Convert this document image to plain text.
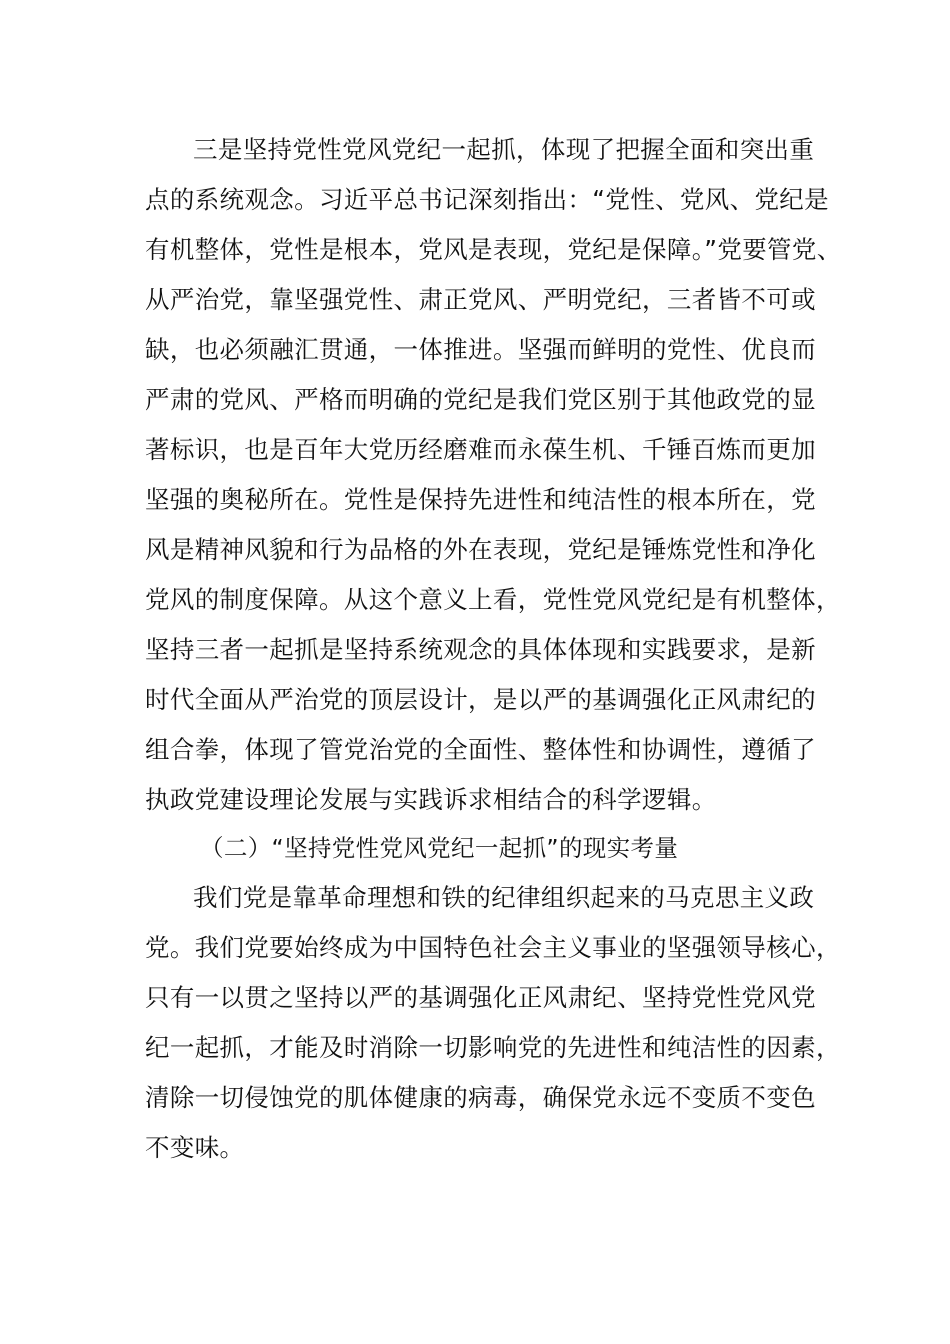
三是坚持党性党风党纪一起抓，体现了把握全面和突出重
点的系统观念。习近平总书记深刻指出：“党性、党风、党纪是
有机整体，党性是根本，党风是表现，党纪是保障。”党要管党、
从严治党，靠坚强党性、肃正党风、严明党纪，三者皆不可或
缺，也必须融汇贯通，一体推进。坚强而鲜明的党性、优良而
严肃的党风、严格而明确的党纪是我们党区别于其他政党的显
著标识，也是百年大党历经磨难而永葆生机、千锤百炼而更加
坚强的奥秘所在。党性是保持先进性和纯洁性的根本所在，党
风是精神风貌和行为品格的外在表现，党纪是锤炼党性和净化
党风的制度保障。从这个意义上看，党性党风党纪是有机整体，
坚持三者一起抓是坚持系统观念的具体体现和实践要求，是新
时代全面从严治党的顶层设计，是以严的基调强化正风肃纪的
组合拳，体现了管党治党的全面性、整体性和协调性，遵循了
执政党建设理论发展与实践诉求相结合的科学逻辑。
（二）“坚持党性党风党纪一起抓”的现实考量
我们党是靠革命理想和铁的纪律组织起来的马克思主义政
党。我们党要始终成为中国特色社会主义事业的坚强领导核心，
只有一以贯之坚持以严的基调强化正风肃纪、坚持党性党风党
纪一起抓，才能及时消除一切影响党的先进性和纯洁性的因素，
清除一切侵蚀党的肌体健康的病毒，确保党永远不变质不变色
不变味。
